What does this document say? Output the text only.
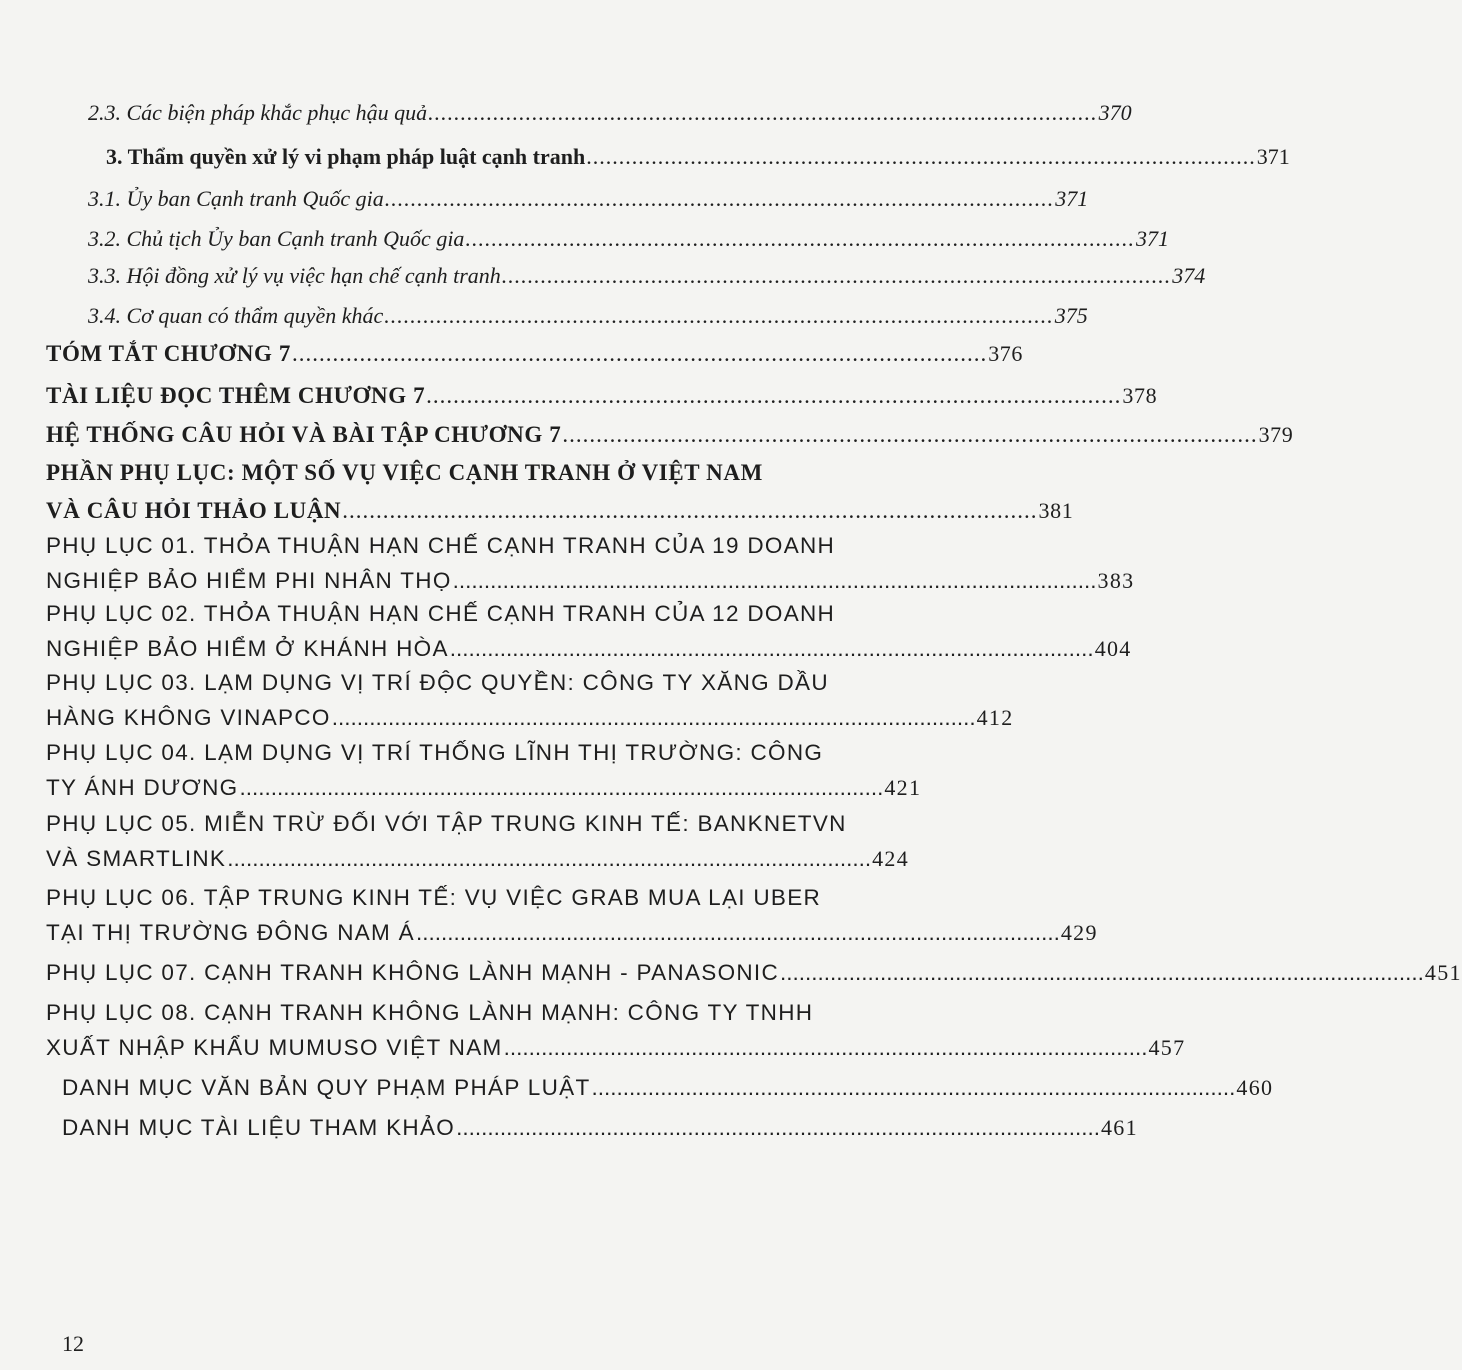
2.3. Các biện pháp khắc phục hậu quả ....................................................................................................... 370
3. Thẩm quyền xử lý vi phạm pháp luật cạnh tranh ....................................................................................................... 371
3.1. Ủy ban Cạnh tranh Quốc gia ....................................................................................................... 371
3.2. Chủ tịch Ủy ban Cạnh tranh Quốc gia ....................................................................................................... 371
3.3. Hội đồng xử lý vụ việc hạn chế cạnh tranh ....................................................................................................... 374
3.4. Cơ quan có thẩm quyền khác ....................................................................................................... 375
TÓM TẮT CHƯƠNG 7 ....................................................................................................... 376
TÀI LIỆU ĐỌC THÊM CHƯƠNG 7 ....................................................................................................... 378
HỆ THỐNG CÂU HỎI VÀ BÀI TẬP CHƯƠNG 7 ....................................................................................................... 379
PHẦN PHỤ LỤC: MỘT SỐ VỤ VIỆC CẠNH TRANH Ở VIỆT NAM
VÀ CÂU HỎI THẢO LUẬN ....................................................................................................... 381
PHỤ LỤC 01. THỎA THUẬN HẠN CHẾ CẠNH TRANH CỦA 19 DOANH
NGHIỆP BẢO HIỂM PHI NHÂN THỌ ....................................................................................................... 383
PHỤ LỤC 02. THỎA THUẬN HẠN CHẾ CẠNH TRANH CỦA 12 DOANH
NGHIỆP BẢO HIỂM Ở KHÁNH HÒA ....................................................................................................... 404
PHỤ LỤC 03. LẠM DỤNG VỊ TRÍ ĐỘC QUYỀN: CÔNG TY XĂNG DẦU
HÀNG KHÔNG VINAPCO ....................................................................................................... 412
PHỤ LỤC 04. LẠM DỤNG VỊ TRÍ THỐNG LĨNH THỊ TRƯỜNG: CÔNG
TY ÁNH DƯƠNG ....................................................................................................... 421
PHỤ LỤC 05. MIỄN TRỪ ĐỐI VỚI TẬP TRUNG KINH TẾ: BANKNETVN
VÀ SMARTLINK ....................................................................................................... 424
PHỤ LỤC 06. TẬP TRUNG KINH TẾ: VỤ VIỆC GRAB MUA LẠI UBER
TẠI THỊ TRƯỜNG ĐÔNG NAM Á ....................................................................................................... 429
PHỤ LỤC 07. CẠNH TRANH KHÔNG LÀNH MẠNH - PANASONIC ....................................................................................................... 451
PHỤ LỤC 08. CẠNH TRANH KHÔNG LÀNH MẠNH: CÔNG TY TNHH
XUẤT NHẬP KHẨU MUMUSO VIỆT NAM ....................................................................................................... 457
DANH MỤC VĂN BẢN QUY PHẠM PHÁP LUẬT ....................................................................................................... 460
DANH MỤC TÀI LIỆU THAM KHẢO ....................................................................................................... 461
12
